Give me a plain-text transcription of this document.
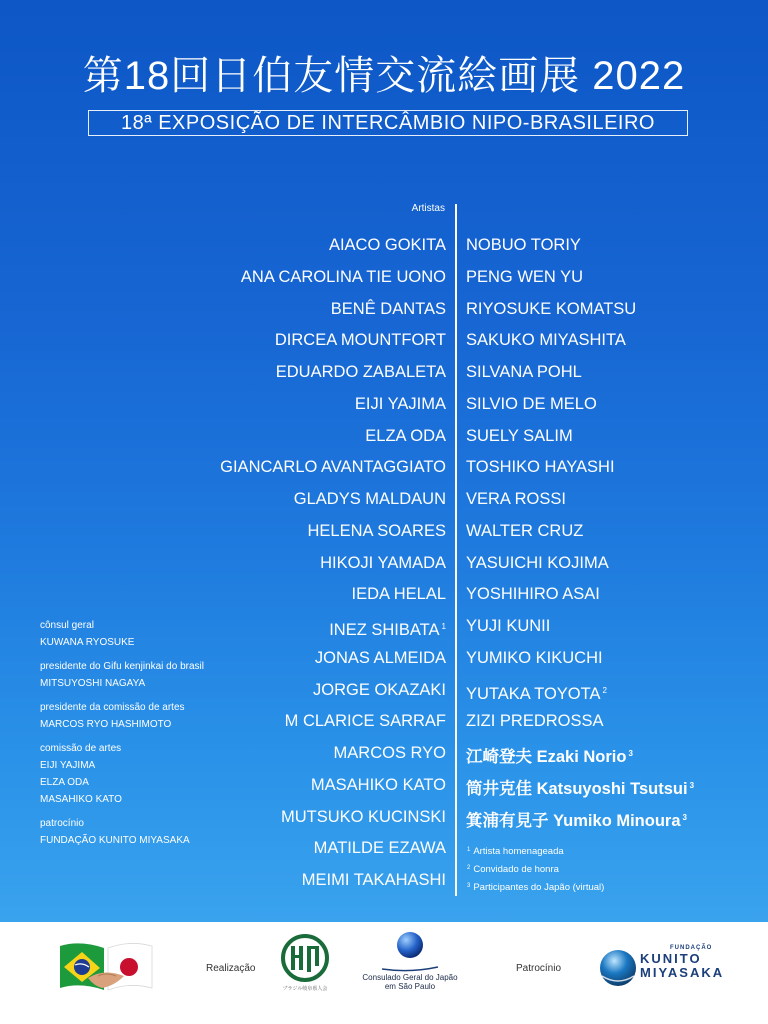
第18回日伯友情交流絵画展 2022
18ª EXPOSIÇÃO DE INTERCÂMBIO NIPO-BRASILEIRO
Artistas
AIACO GOKITA
ANA CAROLINA TIE UONO
BENÊ DANTAS
DIRCEA MOUNTFORT
EDUARDO ZABALETA
EIJI YAJIMA
ELZA ODA
GIANCARLO AVANTAGGIATO
GLADYS MALDAUN
HELENA SOARES
HIKOJI YAMADA
IEDA HELAL
INEZ SHIBATA $^1$
JONAS ALMEIDA
JORGE OKAZAKI
M CLARICE SARRAF
MARCOS RYO
MASAHIKO KATO
MUTSUKO KUCINSKI
MATILDE EZAWA
MEIMI TAKAHASHI
NOBUO TORIY
PENG WEN YU
RIYOSUKE KOMATSU
SAKUKO MIYASHITA
SILVANA POHL
SILVIO DE MELO
SUELY SALIM
TOSHIKO HAYASHI
VERA ROSSI
WALTER CRUZ
YASUICHI KOJIMA
YOSHIHIRO ASAI
YUJI KUNII
YUMIKO KIKUCHI
YUTAKA TOYOTA $^2$
ZIZI PREDROSSA
江崎登夫 Ezaki Norio $^3$
筒井克佳 Katsuyoshi Tsutsui $^3$
箕浦有見子 Yumiko Minoura $^3$
$^1$ Artista homenageada
$^2$ Convidado de honra
$^3$ Participantes do Japão (virtual)
cônsul geral
KUWANA RYOSUKE
presidente do Gifu kenjinkai do brasil
MITSUYOSHI NAGAYA
presidente da comissão de artes
MARCOS RYO HASHIMOTO
comissão de artes
EIJI YAJIMA
ELZA ODA
MASAHIKO KATO
patrocínio
FUNDAÇÃO KUNITO MIYASAKA
Realização
ブラジル岐阜県人会
Consulado Geral do Japão
em São Paulo
Patrocínio
FUNDAÇÃO
KUNITO
MIYASAKA
